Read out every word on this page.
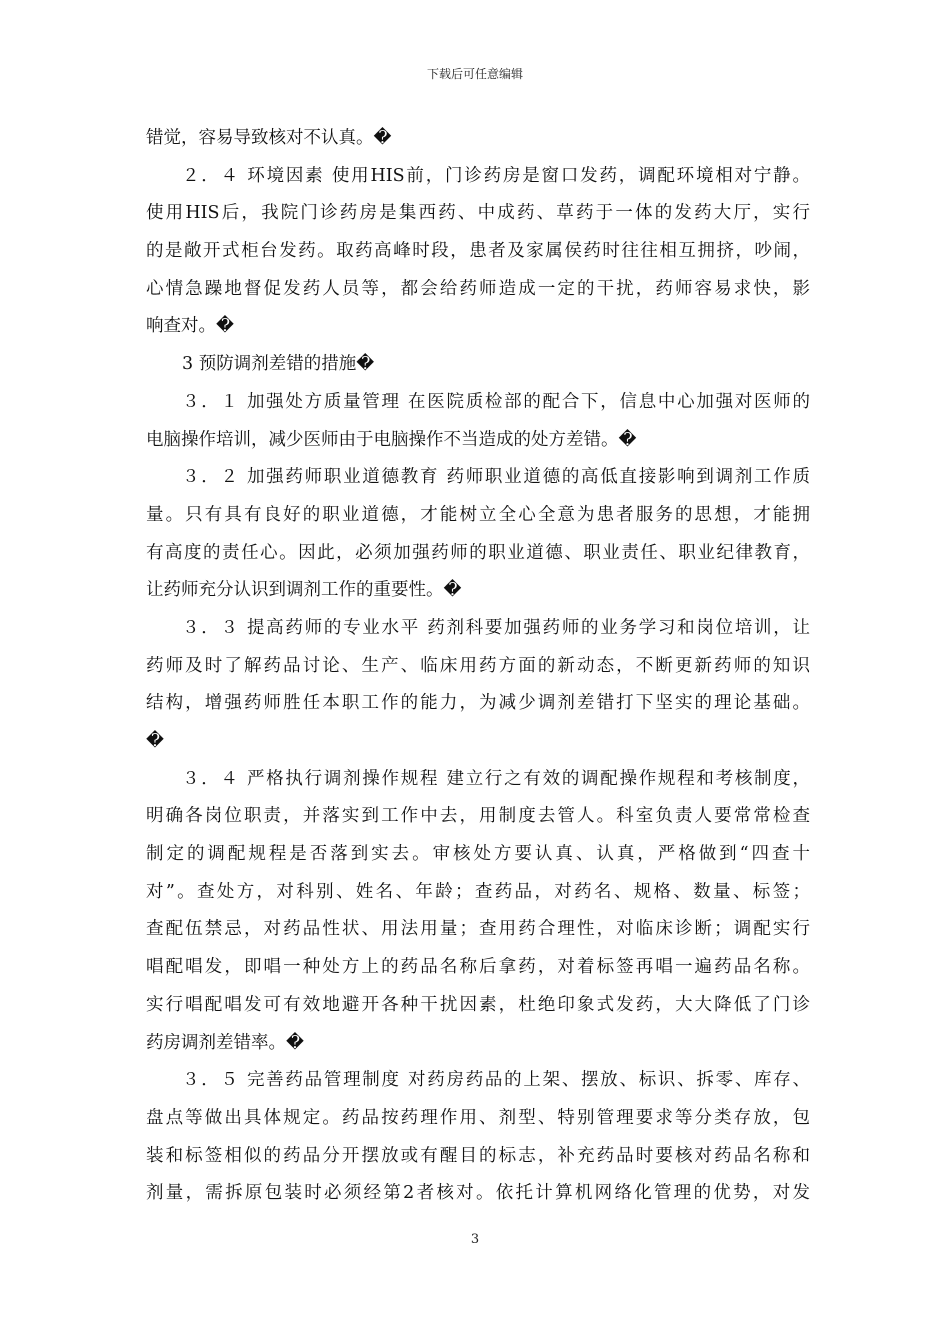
下载后可任意编辑
错觉，容易导致核对不认真。�
２．４ 环境因素 使用HIS前，门诊药房是窗口发药，调配环境相对宁静。
使用HIS后，我院门诊药房是集西药、中成药、草药于一体的发药大厅，实行
的是敞开式柜台发药。取药高峰时段，患者及家属侯药时往往相互拥挤，吵闹，
心情急躁地督促发药人员等，都会给药师造成一定的干扰，药师容易求快，影
响查对。�
3 预防调剂差错的措施�
３．１ 加强处方质量管理 在医院质检部的配合下，信息中心加强对医师的
电脑操作培训，减少医师由于电脑操作不当造成的处方差错。�
３．２ 加强药师职业道德教育 药师职业道德的高低直接影响到调剂工作质
量。只有具有良好的职业道德，才能树立全心全意为患者服务的思想，才能拥
有高度的责任心。因此，必须加强药师的职业道德、职业责任、职业纪律教育，
让药师充分认识到调剂工作的重要性。�
３．３ 提高药师的专业水平 药剂科要加强药师的业务学习和岗位培训，让
药师及时了解药品讨论、生产、临床用药方面的新动态，不断更新药师的知识
结构，增强药师胜任本职工作的能力，为减少调剂差错打下坚实的理论基础。
�
３．４ 严格执行调剂操作规程 建立行之有效的调配操作规程和考核制度，
明确各岗位职责，并落实到工作中去，用制度去管人。科室负责人要常常检查
制定的调配规程是否落到实去。审核处方要认真、认真，严格做到“四查十
对”。查处方，对科别、姓名、年龄；查药品，对药名、规格、数量、标签；
查配伍禁忌，对药品性状、用法用量；查用药合理性，对临床诊断；调配实行
唱配唱发，即唱一种处方上的药品名称后拿药，对着标签再唱一遍药品名称。
实行唱配唱发可有效地避开各种干扰因素，杜绝印象式发药，大大降低了门诊
药房调剂差错率。�
３．５ 完善药品管理制度 对药房药品的上架、摆放、标识、拆零、库存、
盘点等做出具体规定。药品按药理作用、剂型、特别管理要求等分类存放，包
装和标签相似的药品分开摆放或有醒目的标志，补充药品时要核对药品名称和
剂量，需拆原包装时必须经第2者核对。依托计算机网络化管理的优势，对发
3
